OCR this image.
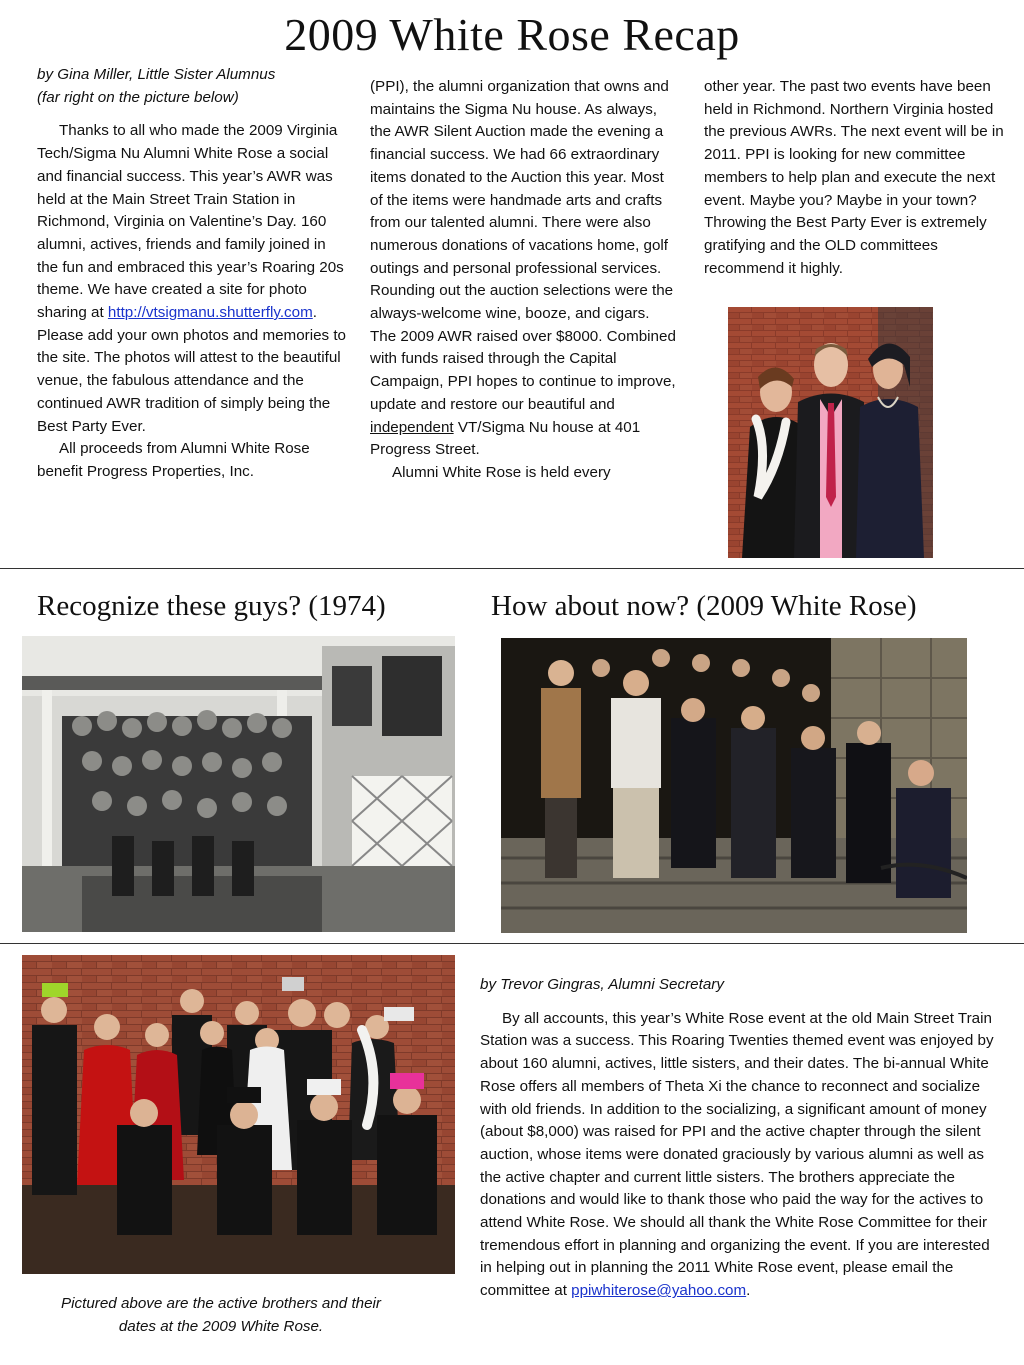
2009 White Rose Recap

by Gina Miller, Little Sister Alumnus

(far right on the picture below)

Thanks to all who made the 2009 Virginia Tech/Sigma Nu Alumni White Rose a social and financial success. This year’s AWR was held at the Main Street Train Station in Richmond, Virginia on Valentine’s Day. 160 alumni, actives, friends and family joined in the fun and embraced this year’s Roaring 20s theme. We have created a site for photo sharing at http://vtsigmanu.shutterfly.com. Please add your own photos and memories to the site. The photos will attest to the beautiful venue, the fabulous attendance and the continued AWR tradition of simply being the Best Party Ever.

All proceeds from Alumni White Rose benefit Progress Properties, Inc.

(PPI), the alumni organization that owns and maintains the Sigma Nu house. As always, the AWR Silent Auction made the evening a financial success. We had 66 extraordinary items donated to the Auction this year. Most of the items were handmade arts and crafts from our talented alumni. There were also numerous donations of vacations home, golf outings and personal professional services. Rounding out the auction selections were the always-welcome wine, booze, and cigars. The 2009 AWR raised over $8000. Combined with funds raised through the Capital Campaign, PPI hopes to continue to improve, update and restore our beautiful and independent VT/Sigma Nu house at 401 Progress Street.

Alumni White Rose is held every

other year. The past two events have been held in Richmond. Northern Virginia hosted the previous AWRs. The next event will be in 2011. PPI is looking for new committee members to help plan and execute the next event. Maybe you? Maybe in your town? Throwing the Best Party Ever is extremely gratifying and the OLD committees recommend it highly.

Recognize these guys? (1974)	How about now? (2009 White Rose)
Pictured above are the active brothers and their dates at the 2009 White Rose.

by Trevor Gingras, Alumni Secretary

By all accounts, this year’s White Rose event at the old Main Street Train Station was a success. This Roaring Twenties themed event was enjoyed by about 160 alumni, actives, little sisters, and their dates. The bi-annual White Rose offers all members of Theta Xi the chance to reconnect and socialize with old friends. In addition to the socializing, a significant amount of money (about $8,000) was raised for PPI and the active chapter through the silent auction, whose items were donated graciously by various alumni as well as the active chapter and current little sisters. The brothers appreciate the donations and would like to thank those who paid the way for the actives to attend White Rose. We should all thank the White Rose Committee for their tremendous effort in planning and organizing the event. If you are interested in helping out in planning the 2011 White Rose event, please email the committee at ppiwhiterose@yahoo.com.
